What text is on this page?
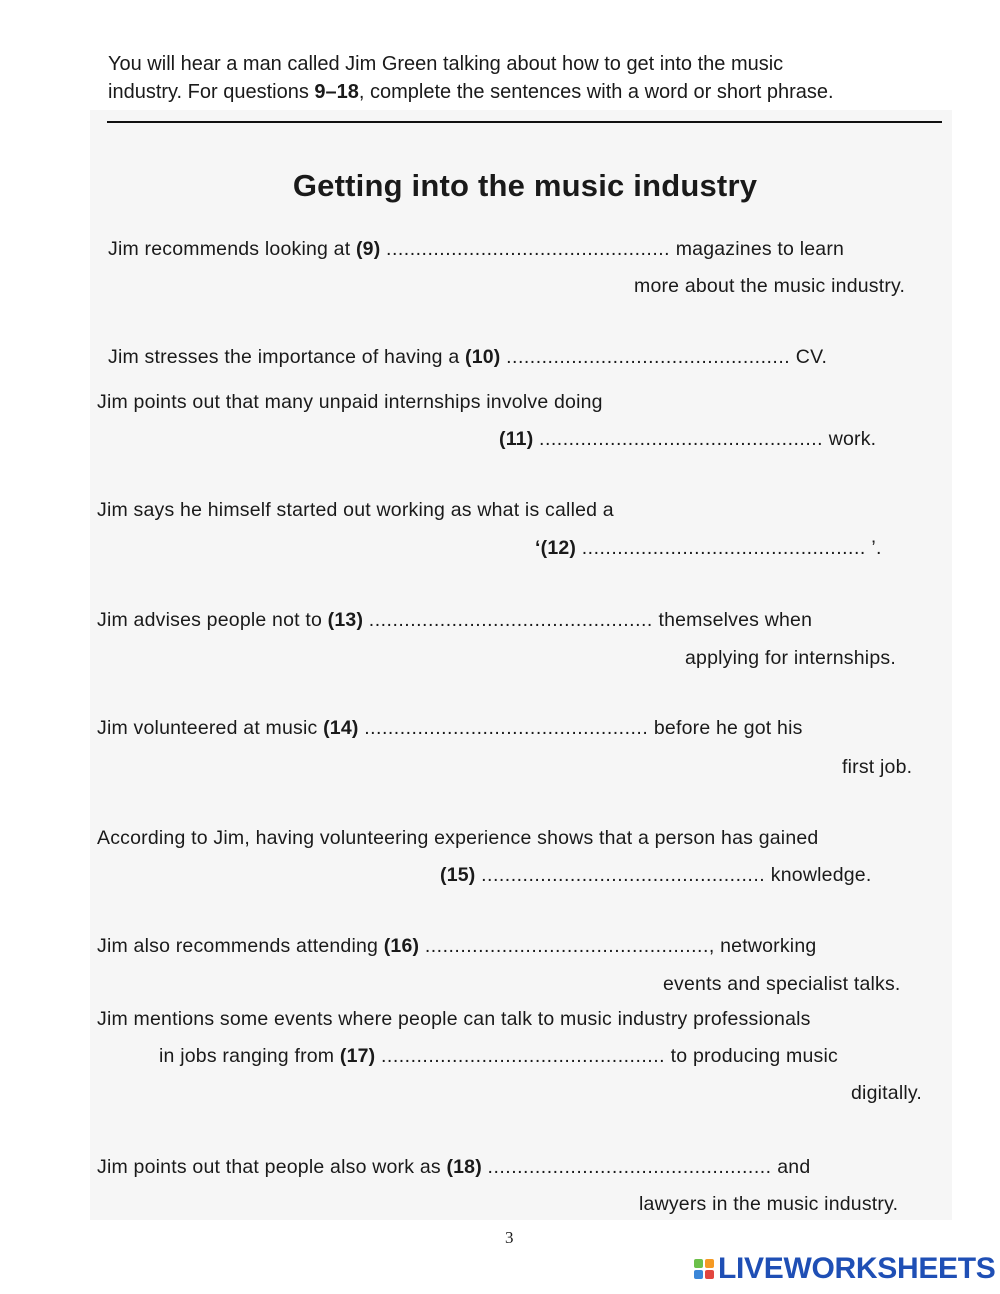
You will hear a man called Jim Green talking about how to get into the music
industry. For questions 9–18, complete the sentences with a word or short phrase.
Getting into the music industry
Jim recommends looking at (9) ................................................ magazines to learn
more about the music industry.
Jim stresses the importance of having a (10) ................................................ CV.
Jim points out that many unpaid internships involve doing
(11) ................................................ work.
Jim says he himself started out working as what is called a
‘(12) ................................................ ’.
Jim advises people not to (13) ................................................ themselves when
applying for internships.
Jim volunteered at music (14) ................................................ before he got his
first job.
According to Jim, having volunteering experience shows that a person has gained
(15) ................................................ knowledge.
Jim also recommends attending (16) ................................................, networking
events and specialist talks.
Jim mentions some events where people can talk to music industry professionals
in jobs ranging from (17) ................................................ to producing music
digitally.
Jim points out that people also work as (18) ................................................ and
lawyers in the music industry.
3
LIVEWORKSHEETS
